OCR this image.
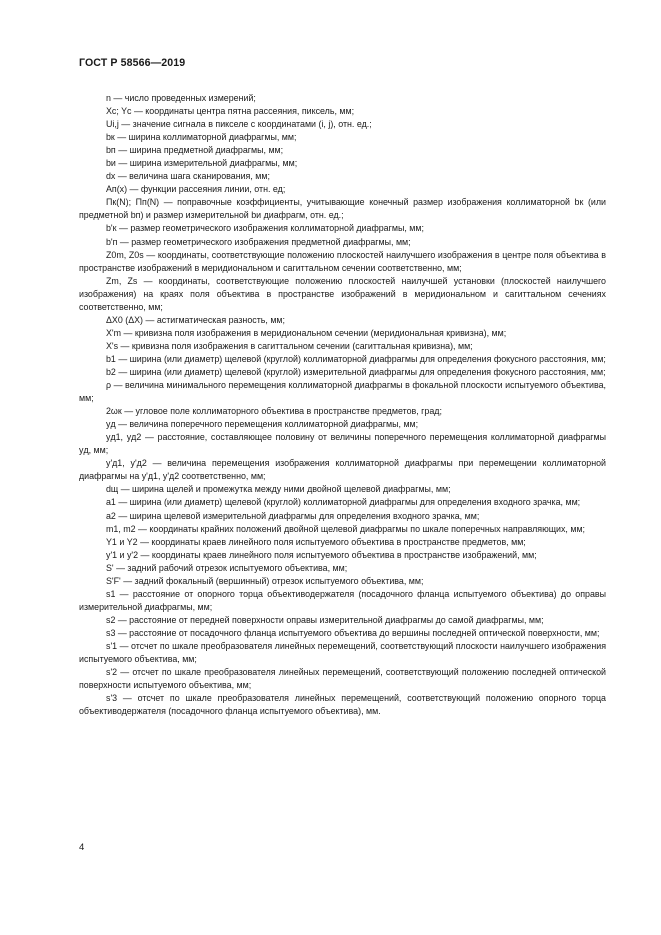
ГОСТ Р 58566—2019

n — число проведенных измерений;

Xc; Yc — координаты центра пятна рассеяния, пиксель, мм;

Ui,j — значение сигнала в пикселе с координатами (i, j), отн. ед.;

bк — ширина коллиматорной диафрагмы, мм;

bп — ширина предметной диафрагмы, мм;

bи — ширина измерительной диафрагмы, мм;

dx — величина шага сканирования, мм;

Aп(x) — функции рассеяния линии, отн. ед;

Пк(N); Пп(N) — поправочные коэффициенты, учитывающие конечный размер изображения коллиматорной bк (или предметной bп) и размер измерительной bи диафрагм, отн. ед.;

b'к — размер геометрического изображения коллиматорной диафрагмы, мм;

b'п — размер геометрического изображения предметной диафрагмы, мм;

Z0m, Z0s — координаты, соответствующие положению плоскостей наилучшего изображения в центре поля объектива в пространстве изображений в меридиональном и сагиттальном сечении соответственно, мм;

Zm, Zs — координаты, соответствующие положению плоскостей наилучшей установки (плоскостей наилучшего изображения) на краях поля объектива в пространстве изображений в меридиональном и сагиттальном сечениях соответственно, мм;

ΔX0 (ΔX) — астигматическая разность, мм;

X'm — кривизна поля изображения в меридиональном сечении (меридиональная кривизна), мм;

X's — кривизна поля изображения в сагиттальном сечении (сагиттальная кривизна), мм;

b1 — ширина (или диаметр) щелевой (круглой) коллиматорной диафрагмы для определения фокусного расстояния, мм;

b2 — ширина (или диаметр) щелевой (круглой) измерительной диафрагмы для определения фокусного расстояния, мм;

ρ — величина минимального перемещения коллиматорной диафрагмы в фокальной плоскости испытуемого объектива, мм;

2ωк — угловое поле коллиматорного объектива в пространстве предметов, град;

yд — величина поперечного перемещения коллиматорной диафрагмы, мм;

yд1, yд2 — расстояние, составляющее половину от величины поперечного перемещения коллиматорной диафрагмы yд, мм;

y'д1, y'д2 — величина перемещения изображения коллиматорной диафрагмы при перемещении коллиматорной диафрагмы на y'д1, y'д2 соответственно, мм;

dщ — ширина щелей и промежутка между ними двойной щелевой диафрагмы, мм;

a1 — ширина (или диаметр) щелевой (круглой) коллиматорной диафрагмы для определения входного зрачка, мм;

a2 — ширина щелевой измерительной диафрагмы для определения входного зрачка, мм;

m1, m2 — координаты крайних положений двойной щелевой диафрагмы по шкале поперечных направляющих, мм;

Y1 и Y2 — координаты краев линейного поля испытуемого объектива в пространстве предметов, мм;

y'1 и y'2 — координаты краев линейного поля испытуемого объектива в пространстве изображений, мм;

S' — задний рабочий отрезок испытуемого объектива, мм;

S'F' — задний фокальный (вершинный) отрезок испытуемого объектива, мм;

s1 — расстояние от опорного торца объективодержателя (посадочного фланца испытуемого объектива) до оправы измерительной диафрагмы, мм;

s2 — расстояние от передней поверхности оправы измерительной диафрагмы до самой диафрагмы, мм;

s3 — расстояние от посадочного фланца испытуемого объектива до вершины последней оптической поверхности, мм;

s'1 — отсчет по шкале преобразователя линейных перемещений, соответствующий плоскости наилучшего изображения испытуемого объектива, мм;

s'2 — отсчет по шкале преобразователя линейных перемещений, соответствующий положению последней оптической поверхности испытуемого объектива, мм;

s'3 — отсчет по шкале преобразователя линейных перемещений, соответствующий положению опорного торца объективодержателя (посадочного фланца испытуемого объектива), мм.

4
